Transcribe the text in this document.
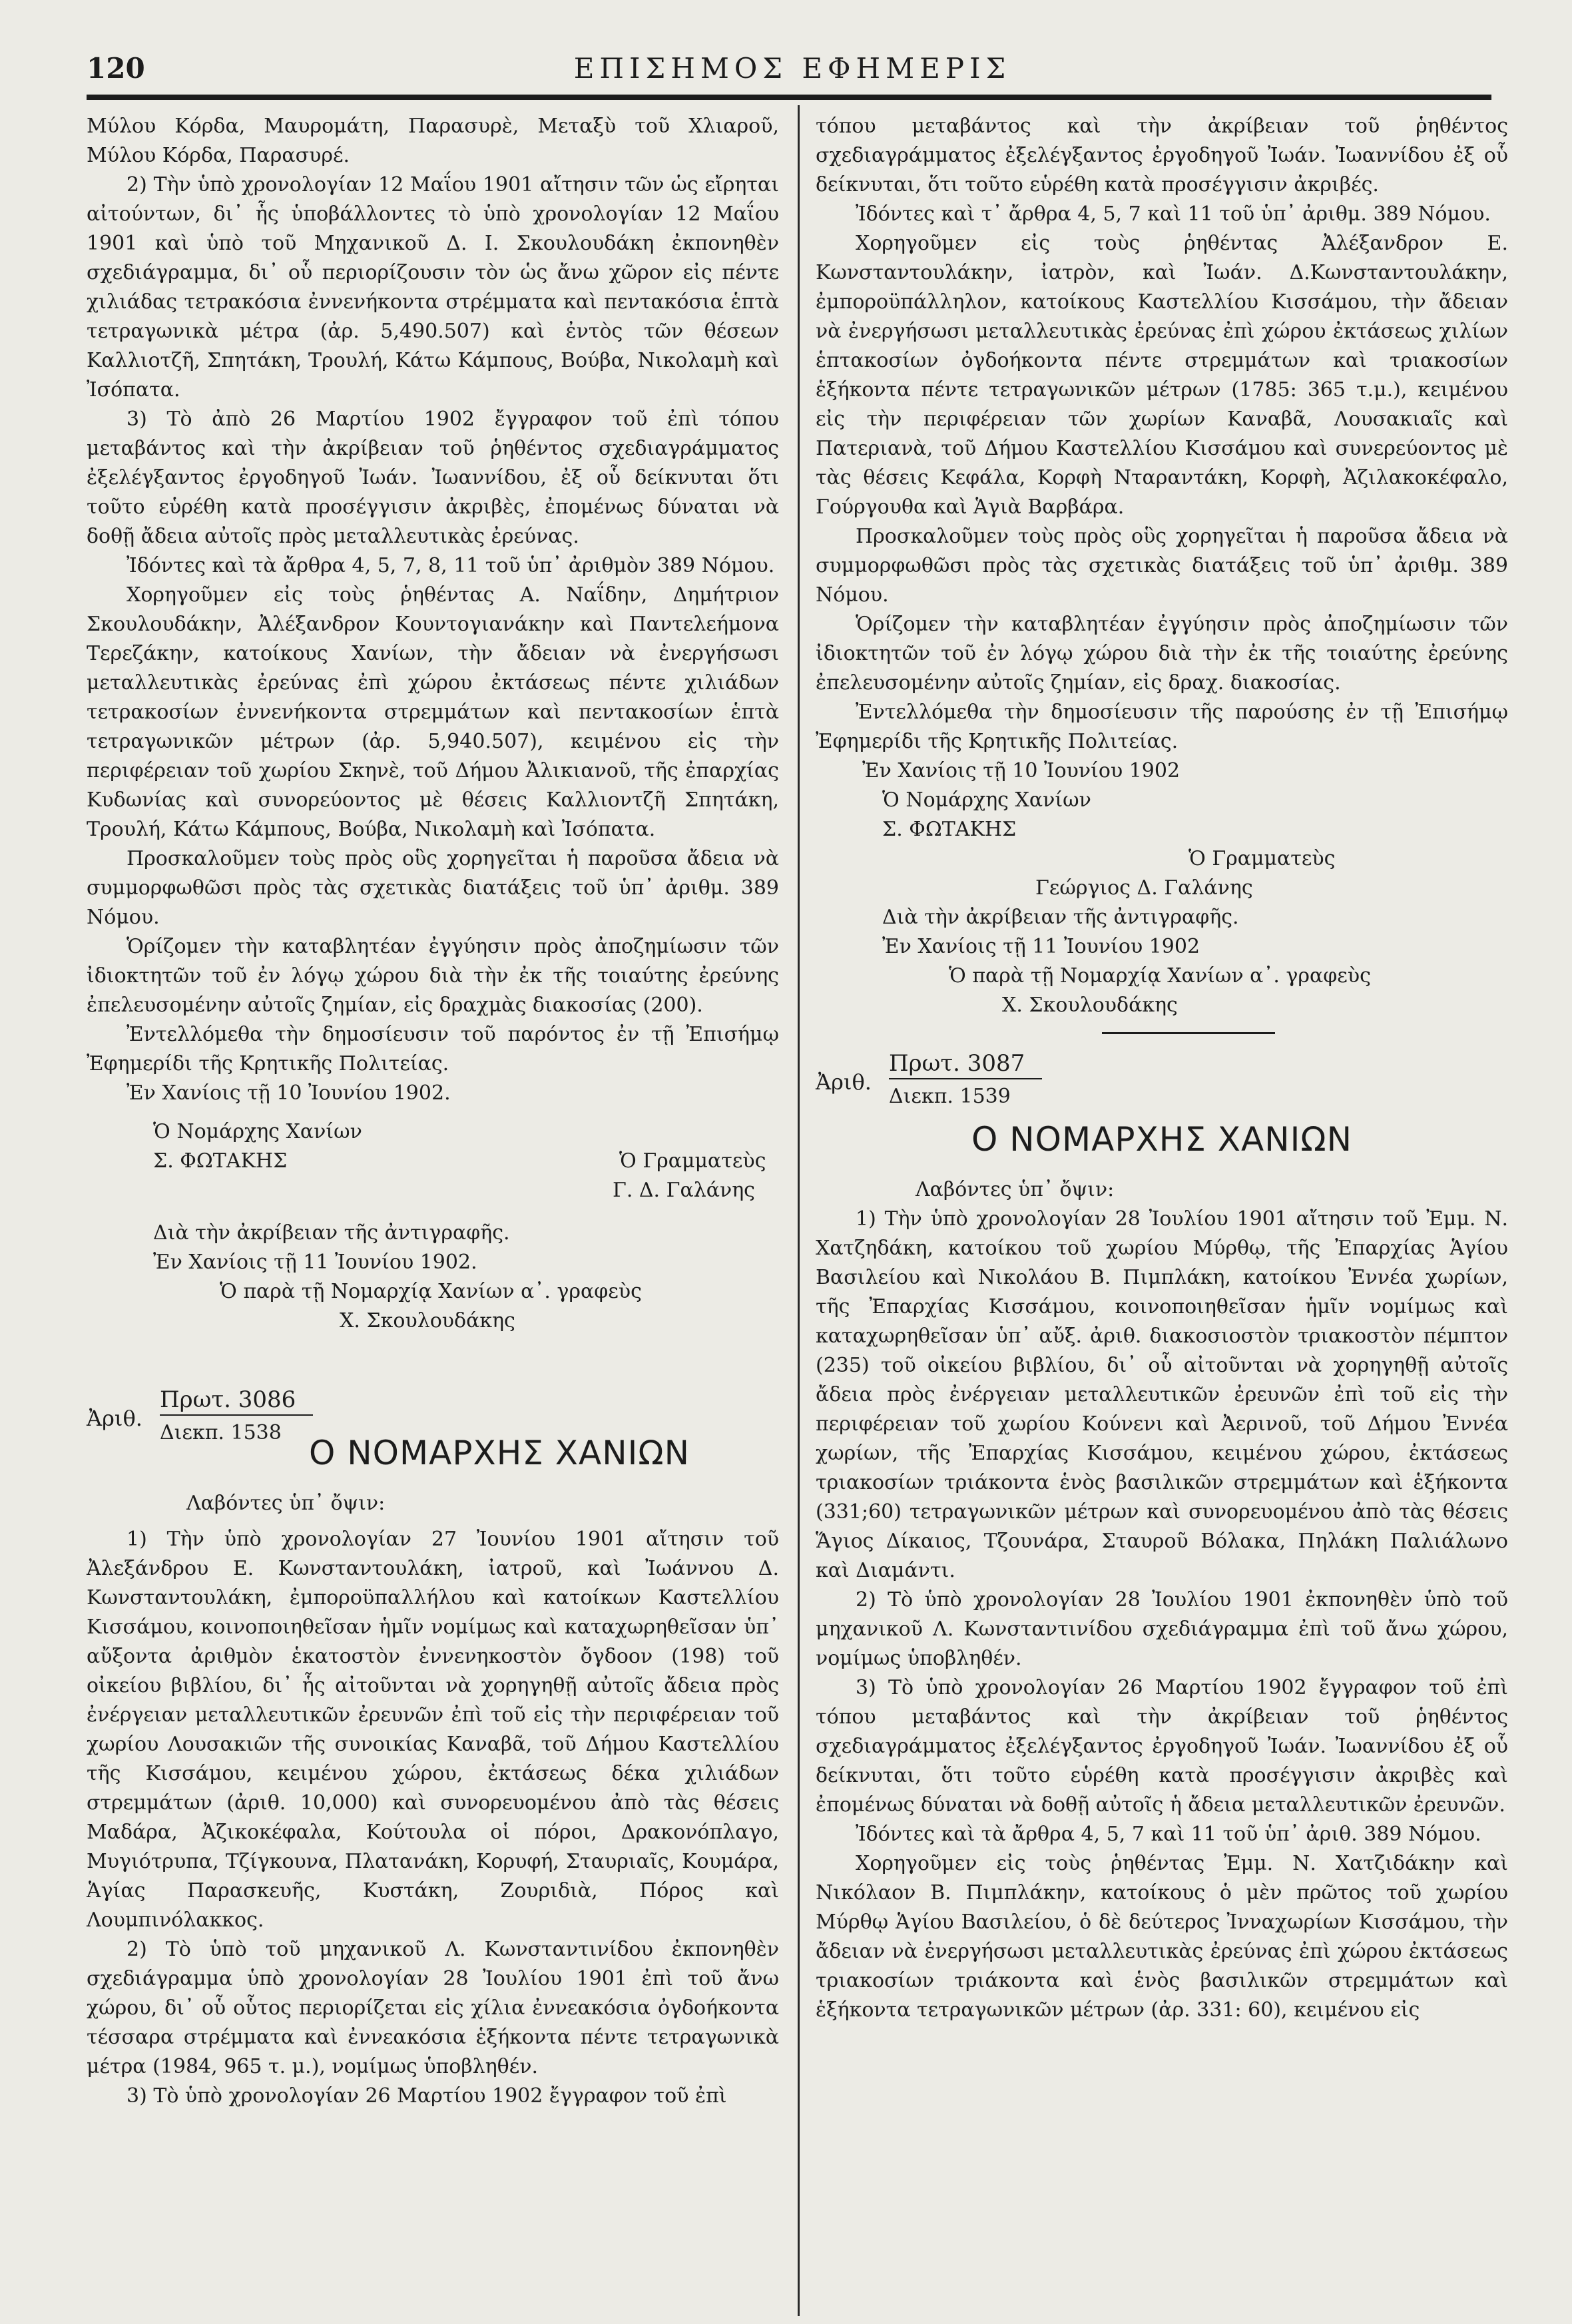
120	ΕΠΙΣΗΜΟΣ ΕΦΗΜΕΡΙΣ

Μύλου Κόρδα, Μαυρομάτη, Παρασυρὲ, Μεταξὺ τοῦ Χλιαροῦ, Μύλου Κόρδα, Παρασυρέ.

2) Τὴν ὑπὸ χρονολογίαν 12 Μαΐου 1901 αἴτησιν τῶν ὡς εἴρηται αἰτούντων, δι᾽ ἧς ὑποβάλλοντες τὸ ὑπὸ χρονολογίαν 12 Μαΐου 1901 καὶ ὑπὸ τοῦ Μηχανικοῦ Δ. Ι. Σκουλουδάκη ἐκπονηθὲν σχεδιάγραμμα, δι᾽ οὗ περιορίζουσιν τὸν ὡς ἄνω χῶρον εἰς πέντε χιλιάδας τετρακόσια ἐννενήκοντα στρέμματα καὶ πεντακόσια ἑπτὰ τετραγωνικὰ μέτρα (ἀρ. 5,490.507) καὶ ἐντὸς τῶν θέσεων Καλλιοτζῆ, Σπητάκη, Τρουλή, Κάτω Κάμπους, Βούβα, Νικολαμὴ καὶ Ἰσόπατα.

3) Τὸ ἀπὸ 26 Μαρτίου 1902 ἔγγραφον τοῦ ἐπὶ τόπου μεταβάντος καὶ τὴν ἀκρίβειαν τοῦ ῥηθέντος σχεδιαγράμματος ἐξελέγξαντος ἐργοδηγοῦ Ἰωάν. Ἰωαννίδου, ἐξ οὗ δείκνυται ὅτι τοῦτο εὑρέθη κατὰ προσέγγισιν ἀκριβὲς, ἐπομένως δύναται νὰ δοθῇ ἄδεια αὐτοῖς πρὸς μεταλλευτικὰς ἐρεύνας.

Ἰδόντες καὶ τὰ ἄρθρα 4, 5, 7, 8, 11 τοῦ ὑπ᾽ ἀριθμὸν 389 Νόμου.

Χορηγοῦμεν εἰς τοὺς ῥηθέντας Α. Ναΐδην, Δημήτριον Σκουλουδάκην, Ἀλέξανδρον Κουντογιανάκην καὶ Παντελεήμονα Τερεζάκην, κατοίκους Χανίων, τὴν ἄδειαν νὰ ἐνεργήσωσι μεταλλευτικὰς ἐρεύνας ἐπὶ χώρου ἐκτάσεως πέντε χιλιάδων τετρακοσίων ἐννενήκοντα στρεμμάτων καὶ πεντακοσίων ἑπτὰ τετραγωνικῶν μέτρων (ἀρ. 5,940.507), κειμένου εἰς τὴν περιφέρειαν τοῦ χωρίου Σκηνὲ, τοῦ Δήμου Ἀλικιανοῦ, τῆς ἐπαρχίας Κυδωνίας καὶ συνορεύοντος μὲ θέσεις Καλλιοντζῆ Σπητάκη, Τρουλή, Κάτω Κάμπους, Βούβα, Νικολαμὴ καὶ Ἰσόπατα.

Προσκαλοῦμεν τοὺς πρὸς οὓς χορηγεῖται ἡ παροῦσα ἄδεια νὰ συμμορφωθῶσι πρὸς τὰς σχετικὰς διατάξεις τοῦ ὑπ᾽ ἀριθμ. 389 Νόμου.

Ὁρίζομεν τὴν καταβλητέαν ἐγγύησιν πρὸς ἀποζημίωσιν τῶν ἰδιοκτητῶν τοῦ ἐν λόγῳ χώρου διὰ τὴν ἐκ τῆς τοιαύτης ἐρεύνης ἐπελευσομένην αὐτοῖς ζημίαν, εἰς δραχμὰς διακοσίας (200).

Ἐντελλόμεθα τὴν δημοσίευσιν τοῦ παρόντος ἐν τῇ Ἐπισήμῳ Ἐφημερίδι τῆς Κρητικῆς Πολιτείας.

Ἐν Χανίοις τῇ 10 Ἰουνίου 1902.

Ὁ Νομάρχης Χανίων

Σ. ΦΩΤΑΚΗΣ	Ὁ Γραμματεὺς

Γ. Δ. Γαλάνης

Διὰ τὴν ἀκρίβειαν τῆς ἀντιγραφῆς.

Ἐν Χανίοις τῇ 11 Ἰουνίου 1902.

Ὁ παρὰ τῇ Νομαρχίᾳ Χανίων α᾽. γραφεὺς

Χ. Σκουλουδάκης

Ἀριθ.
Πρωτ. 3086
Διεκπ. 1538
Ο ΝΟΜΑΡΧΗΣ ΧΑΝΙΩΝ

Λαβόντες ὑπ᾽ ὄψιν:

1) Τὴν ὑπὸ χρονολογίαν 27 Ἰουνίου 1901 αἴτησιν τοῦ Ἀλεξάνδρου Ε. Κωνσταντουλάκη, ἰατροῦ, καὶ Ἰωάννου Δ. Κωνσταντουλάκη, ἐμποροϋπαλλήλου καὶ κατοίκων Καστελλίου Κισσάμου, κοινοποιηθεῖσαν ἡμῖν νομίμως καὶ καταχωρηθεῖσαν ὑπ᾽ αὔξοντα ἀριθμὸν ἑκατοστὸν ἐννενηκοστὸν ὄγδοον (198) τοῦ οἰκείου βιβλίου, δι᾽ ἧς αἰτοῦνται νὰ χορηγηθῇ αὐτοῖς ἄδεια πρὸς ἐνέργειαν μεταλλευτικῶν ἐρευνῶν ἐπὶ τοῦ εἰς τὴν περιφέρειαν τοῦ χωρίου Λουσακιῶν τῆς συνοικίας Καναβᾶ, τοῦ Δήμου Καστελλίου τῆς Κισσάμου, κειμένου χώρου, ἐκτάσεως δέκα χιλιάδων στρεμμάτων (ἀριθ. 10,000) καὶ συνορευομένου ἀπὸ τὰς θέσεις Μαδάρα, Ἀζικοκέφαλα, Κούτουλα οἱ πόροι, Δρακονόπλαγο, Μυγιότρυπα, Τζίγκουνα, Πλατανάκη, Κορυφή, Σταυριαῖς, Κουμάρα, Ἁγίας Παρασκευῆς, Κυστάκη, Ζουριδιὰ, Πόρος καὶ Λουμπινόλακκος.

2) Τὸ ὑπὸ τοῦ μηχανικοῦ Λ. Κωνσταντινίδου ἐκπονηθὲν σχεδιάγραμμα ὑπὸ χρονολογίαν 28 Ἰουλίου 1901 ἐπὶ τοῦ ἄνω χώρου, δι᾽ οὗ οὗτος περιορίζεται εἰς χίλια ἐννεακόσια ὀγδοήκοντα τέσσαρα στρέμματα καὶ ἐννεακόσια ἑξήκοντα πέντε τετραγωνικὰ μέτρα (1984, 965 τ. μ.), νομίμως ὑποβληθέν.

3) Τὸ ὑπὸ χρονολογίαν 26 Μαρτίου 1902 ἔγγραφον τοῦ ἐπὶ

τόπου μεταβάντος καὶ τὴν ἀκρίβειαν τοῦ ῥηθέντος σχεδιαγράμματος ἐξελέγξαντος ἐργοδηγοῦ Ἰωάν. Ἰωαννίδου ἐξ οὗ δείκνυται, ὅτι τοῦτο εὑρέθη κατὰ προσέγγισιν ἀκριβές.

Ἰδόντες καὶ τ᾽ ἄρθρα 4, 5, 7 καὶ 11 τοῦ ὑπ᾽ ἀριθμ. 389 Νόμου.

Χορηγοῦμεν εἰς τοὺς ῥηθέντας Ἀλέξανδρον Ε. Κωνσταντουλάκην, ἰατρὸν, καὶ Ἰωάν. Δ.Κωνσταντουλάκην, ἐμποροϋπάλληλον, κατοίκους Καστελλίου Κισσάμου, τὴν ἄδειαν νὰ ἐνεργήσωσι μεταλλευτικὰς ἐρεύνας ἐπὶ χώρου ἐκτάσεως χιλίων ἑπτακοσίων ὀγδοήκοντα πέντε στρεμμάτων καὶ τριακοσίων ἑξήκοντα πέντε τετραγωνικῶν μέτρων (1785: 365 τ.μ.), κειμένου εἰς τὴν περιφέρειαν τῶν χωρίων Καναβᾶ, Λουσακιαῖς καὶ Πατεριανὰ, τοῦ Δήμου Καστελλίου Κισσάμου καὶ συνερεύοντος μὲ τὰς θέσεις Κεφάλα, Κορφὴ Νταραντάκη, Κορφὴ, Ἀζιλακοκέφαλο, Γούργουθα καὶ Ἁγιὰ Βαρβάρα.

Προσκαλοῦμεν τοὺς πρὸς οὓς χορηγεῖται ἡ παροῦσα ἄδεια νὰ συμμορφωθῶσι πρὸς τὰς σχετικὰς διατάξεις τοῦ ὑπ᾽ ἀριθμ. 389 Νόμου.

Ὁρίζομεν τὴν καταβλητέαν ἐγγύησιν πρὸς ἀποζημίωσιν τῶν ἰδιοκτητῶν τοῦ ἐν λόγῳ χώρου διὰ τὴν ἐκ τῆς τοιαύτης ἐρεύνης ἐπελευσομένην αὐτοῖς ζημίαν, εἰς δραχ. διακοσίας.

Ἐντελλόμεθα τὴν δημοσίευσιν τῆς παρούσης ἐν τῇ Ἐπισήμῳ Ἐφημερίδι τῆς Κρητικῆς Πολιτείας.

Ἐν Χανίοις τῇ 10 Ἰουνίου 1902

Ὁ Νομάρχης Χανίων

Σ. ΦΩΤΑΚΗΣ

Ὁ Γραμματεὺς

Γεώργιος Δ. Γαλάνης

Διὰ τὴν ἀκρίβειαν τῆς ἀντιγραφῆς.

Ἐν Χανίοις τῇ 11 Ἰουνίου 1902

Ὁ παρὰ τῇ Νομαρχίᾳ Χανίων α᾽. γραφεὺς

Χ. Σκουλουδάκης

Ἀριθ.
Πρωτ. 3087
Διεκπ. 1539
Ο ΝΟΜΑΡΧΗΣ ΧΑΝΙΩΝ

Λαβόντες ὑπ᾽ ὄψιν:

1) Τὴν ὑπὸ χρονολογίαν 28 Ἰουλίου 1901 αἴτησιν τοῦ Ἐμμ. Ν. Χατζηδάκη, κατοίκου τοῦ χωρίου Μύρθῳ, τῆς Ἐπαρχίας Ἁγίου Βασιλείου καὶ Νικολάου Β. Πιμπλάκη, κατοίκου Ἐννέα χωρίων, τῆς Ἐπαρχίας Κισσάμου, κοινοποιηθεῖσαν ἡμῖν νομίμως καὶ καταχωρηθεῖσαν ὑπ᾽ αὔξ. ἀριθ. διακοσιοστὸν τριακοστὸν πέμπτον (235) τοῦ οἰκείου βιβλίου, δι᾽ οὗ αἰτοῦνται νὰ χορηγηθῇ αὐτοῖς ἄδεια πρὸς ἐνέργειαν μεταλλευτικῶν ἐρευνῶν ἐπὶ τοῦ εἰς τὴν περιφέρειαν τοῦ χωρίου Κούνενι καὶ Ἀερινοῦ, τοῦ Δήμου Ἐννέα χωρίων, τῆς Ἐπαρχίας Κισσάμου, κειμένου χώρου, ἐκτάσεως τριακοσίων τριάκοντα ἑνὸς βασιλικῶν στρεμμάτων καὶ ἑξήκοντα (331;60) τετραγωνικῶν μέτρων καὶ συνορευομένου ἀπὸ τὰς θέσεις Ἅγιος Δίκαιος, Τζουνάρα, Σταυροῦ Βόλακα, Πηλάκη Παλιάλωνο καὶ Διαμάντι.

2) Τὸ ὑπὸ χρονολογίαν 28 Ἰουλίου 1901 ἐκπονηθὲν ὑπὸ τοῦ μηχανικοῦ Λ. Κωνσταντινίδου σχεδιάγραμμα ἐπὶ τοῦ ἄνω χώρου, νομίμως ὑποβληθέν.

3) Τὸ ὑπὸ χρονολογίαν 26 Μαρτίου 1902 ἔγγραφον τοῦ ἐπὶ τόπου μεταβάντος καὶ τὴν ἀκρίβειαν τοῦ ῥηθέντος σχεδιαγράμματος ἐξελέγξαντος ἐργοδηγοῦ Ἰωάν. Ἰωαννίδου ἐξ οὗ δείκνυται, ὅτι τοῦτο εὑρέθη κατὰ προσέγγισιν ἀκριβὲς καὶ ἐπομένως δύναται νὰ δοθῇ αὐτοῖς ἡ ἄδεια μεταλλευτικῶν ἐρευνῶν.

Ἰδόντες καὶ τὰ ἄρθρα 4, 5, 7 καὶ 11 τοῦ ὑπ᾽ ἀριθ. 389 Νόμου.

Χορηγοῦμεν εἰς τοὺς ῥηθέντας Ἐμμ. Ν. Χατζιδάκην καὶ Νικόλαον Β. Πιμπλάκην, κατοίκους ὁ μὲν πρῶτος τοῦ χωρίου Μύρθῳ Ἁγίου Βασιλείου, ὁ δὲ δεύτερος Ἰνναχωρίων Κισσάμου, τὴν ἄδειαν νὰ ἐνεργήσωσι μεταλλευτικὰς ἐρεύνας ἐπὶ χώρου ἐκτάσεως τριακοσίων τριάκοντα καὶ ἑνὸς βασιλικῶν στρεμμάτων καὶ ἑξήκοντα τετραγωνικῶν μέτρων (ἀρ. 331: 60), κειμένου εἰς
